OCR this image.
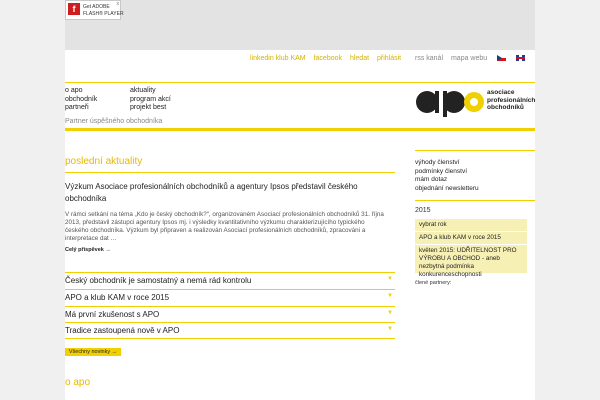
f	Get ADOBE
FLASH® PLAYER
x
linkedin klub KAM facebook hledat přihlásit	rss kanál mapa webu
o apo
obchodník
partneři
aktuality
program akcí
projekt best
asociace
profesionálních
obchodníků
Partner úspěšného obchodníka
poslední aktuality
Výzkum Asociace profesionálních obchodníků a agentury Ipsos představil českého obchodníka
V rámci setkání na téma „Kdo je český obchodník?“, organizovaném Asociací profesionálních obchodníků 31. října 2013, představil zástupci agentury Ipsos mj. i výsledky kvantitativního výzkumu charakterizujícího typického českého obchodníka. Výzkum byl připraven a realizován Asociací profesionálních obchodníků, zpracováni a interpretace dat …
Celý příspěvek →
Český obchodník je samostatný a nemá rád kontrolu	▼
APO a klub KAM v roce 2015	▼
Má první zkušenost s APO	▼
Tradice zastoupená nově v APO	▼
Všechny novinky →
o apo
výhody členství
podmínky členství
mám dotaz
objednání newsletteru
2015
vybrat rok
APO a klub KAM v roce 2015
květen 2015: UDŘITELNOST PRO VÝROBU A OBCHOD - aneb nezbytná podmínka konkurenceschopnosti
člené partnery:
